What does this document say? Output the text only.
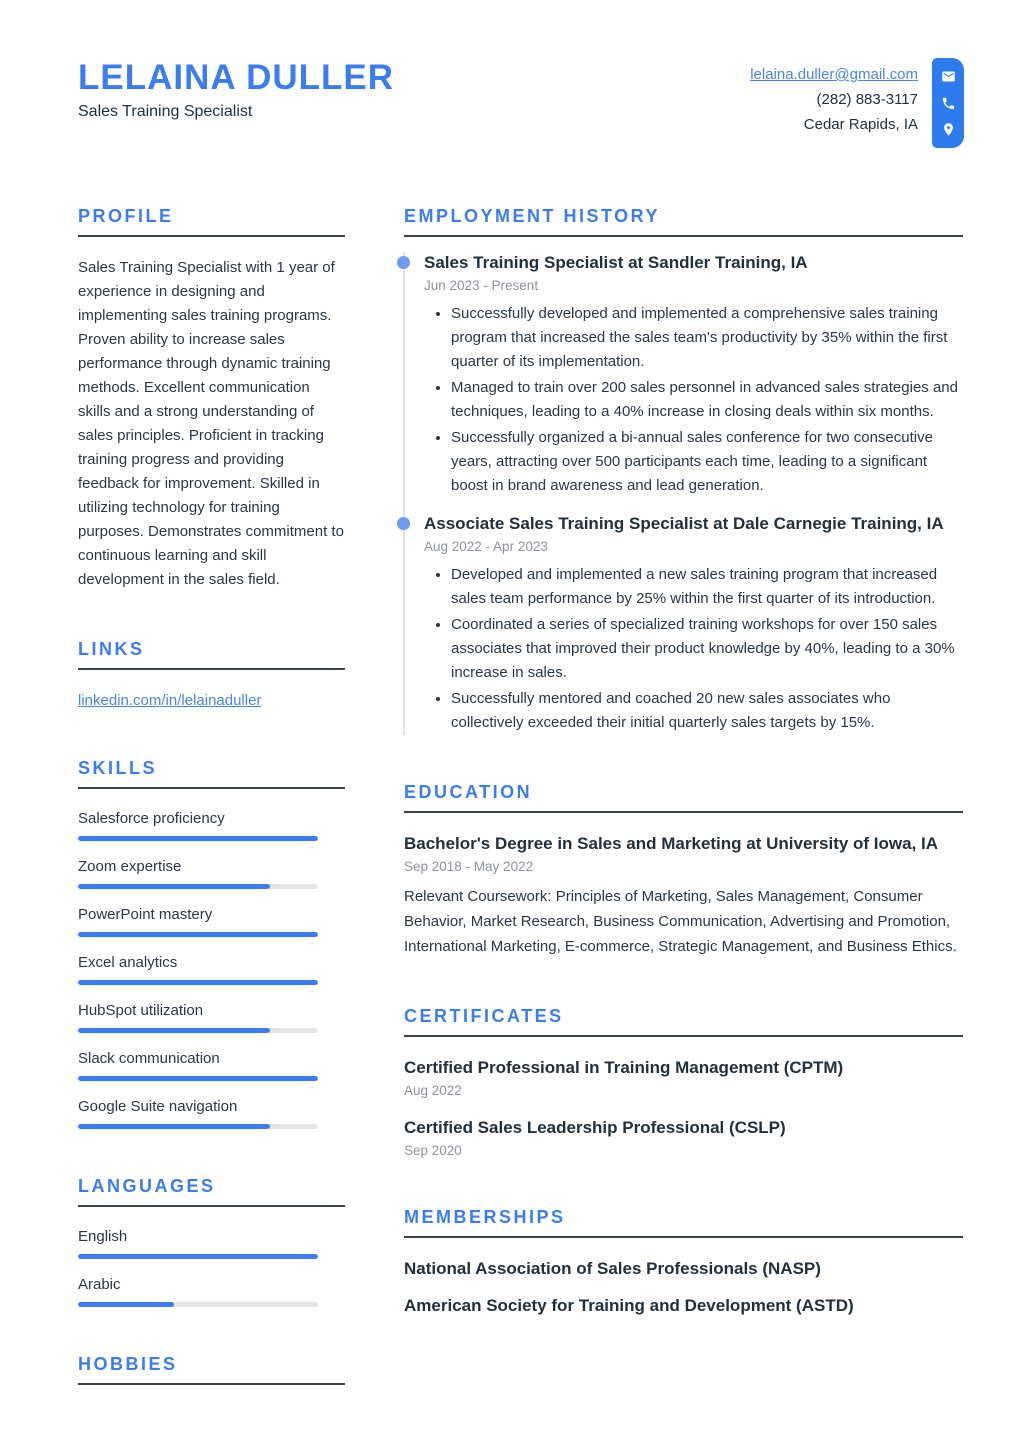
LELAINA DULLER
Sales Training Specialist
lelaina.duller@gmail.com
(282) 883-3117
Cedar Rapids, IA
PROFILE
Sales Training Specialist with 1 year of experience in designing and implementing sales training programs. Proven ability to increase sales performance through dynamic training methods. Excellent communication skills and a strong understanding of sales principles. Proficient in tracking training progress and providing feedback for improvement. Skilled in utilizing technology for training purposes. Demonstrates commitment to continuous learning and skill development in the sales field.
LINKS
linkedin.com/in/lelainaduller
SKILLS
Salesforce proficiency
Zoom expertise
PowerPoint mastery
Excel analytics
HubSpot utilization
Slack communication
Google Suite navigation
LANGUAGES
English
Arabic
HOBBIES
EMPLOYMENT HISTORY
Sales Training Specialist at Sandler Training, IA
Jun 2023 - Present
• Successfully developed and implemented a comprehensive sales training program that increased the sales team's productivity by 35% within the first quarter of its implementation.
• Managed to train over 200 sales personnel in advanced sales strategies and techniques, leading to a 40% increase in closing deals within six months.
• Successfully organized a bi-annual sales conference for two consecutive years, attracting over 500 participants each time, leading to a significant boost in brand awareness and lead generation.
Associate Sales Training Specialist at Dale Carnegie Training, IA
Aug 2022 - Apr 2023
• Developed and implemented a new sales training program that increased sales team performance by 25% within the first quarter of its introduction.
• Coordinated a series of specialized training workshops for over 150 sales associates that improved their product knowledge by 40%, leading to a 30% increase in sales.
• Successfully mentored and coached 20 new sales associates who collectively exceeded their initial quarterly sales targets by 15%.
EDUCATION
Bachelor's Degree in Sales and Marketing at University of Iowa, IA
Sep 2018 - May 2022
Relevant Coursework: Principles of Marketing, Sales Management, Consumer Behavior, Market Research, Business Communication, Advertising and Promotion, International Marketing, E-commerce, Strategic Management, and Business Ethics.
CERTIFICATES
Certified Professional in Training Management (CPTM)
Aug 2022
Certified Sales Leadership Professional (CSLP)
Sep 2020
MEMBERSHIPS
National Association of Sales Professionals (NASP)
American Society for Training and Development (ASTD)
